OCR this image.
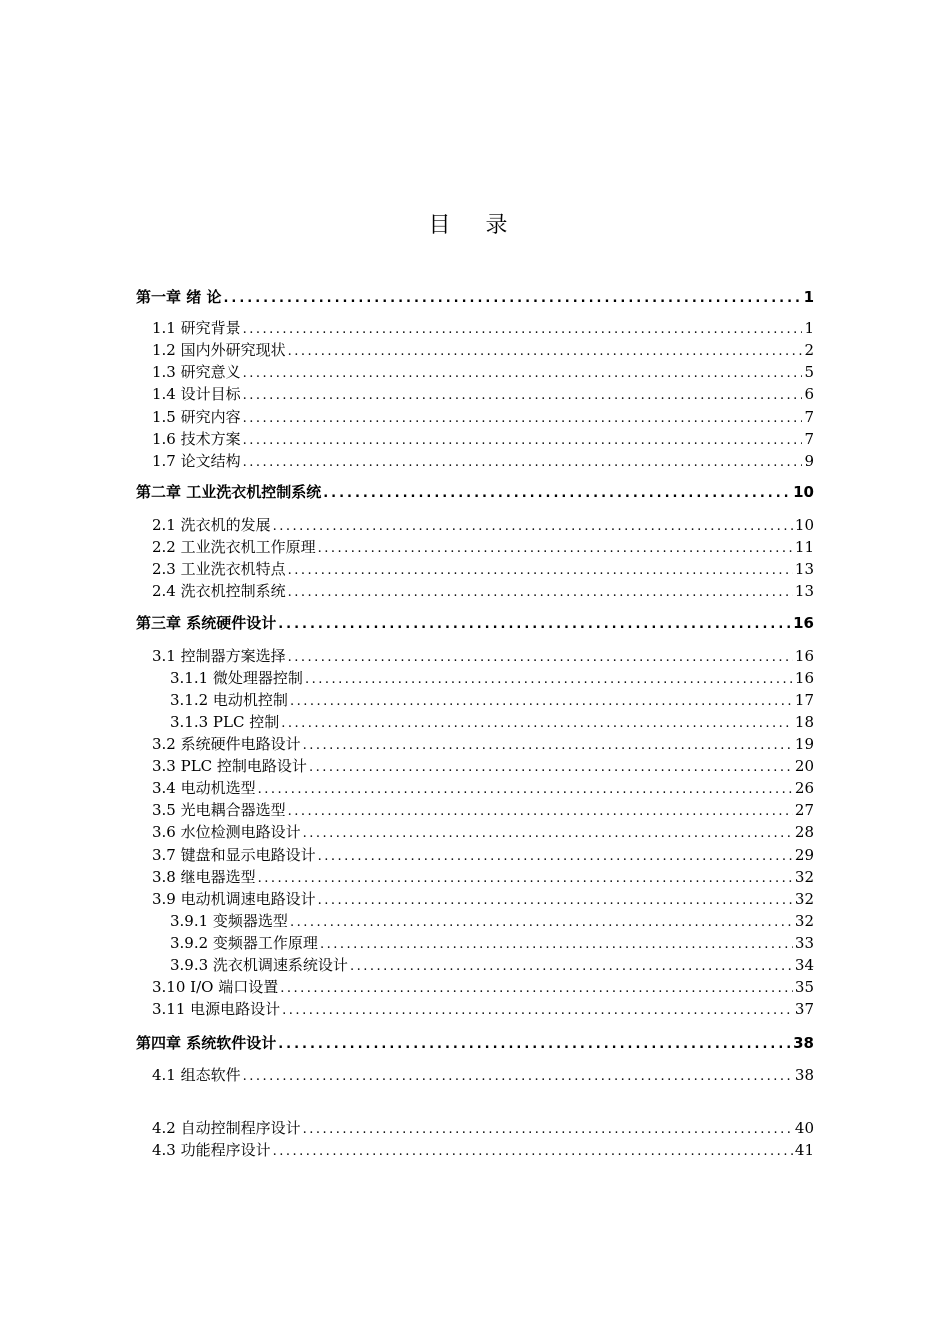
目 录
第一章 绪 论 .....	1
1.1 研究背景 .....	1
1.2 国内外研究现状 .....	2
1.3 研究意义 .....	5
1.4 设计目标 .....	6
1.5 研究内容 .....	7
1.6 技术方案 .....	7
1.7 论文结构 .....	9
第二章 工业洗衣机控制系统 .....	10
2.1 洗衣机的发展 .....	10
2.2 工业洗衣机工作原理 .....	11
2.3 工业洗衣机特点 .....	13
2.4 洗衣机控制系统 .....	13
第三章 系统硬件设计 .....	16
3.1 控制器方案选择 .....	16
3.1.1 微处理器控制 .....	16
3.1.2 电动机控制 .....	17
3.1.3 PLC 控制 .....	18
3.2 系统硬件电路设计 .....	19
3.3 PLC 控制电路设计 .....	20
3.4 电动机选型 .....	26
3.5 光电耦合器选型 .....	27
3.6 水位检测电路设计 .....	28
3.7 键盘和显示电路设计 .....	29
3.8 继电器选型 .....	32
3.9 电动机调速电路设计 .....	32
3.9.1 变频器选型 .....	32
3.9.2 变频器工作原理 .....	33
3.9.3 洗衣机调速系统设计 .....	34
3.10 I/O 端口设置 .....	35
3.11 电源电路设计 .....	37
第四章 系统软件设计 .....	38
4.1 组态软件 .....	38
4.2 自动控制程序设计 .....	40
4.3 功能程序设计 .....	41
